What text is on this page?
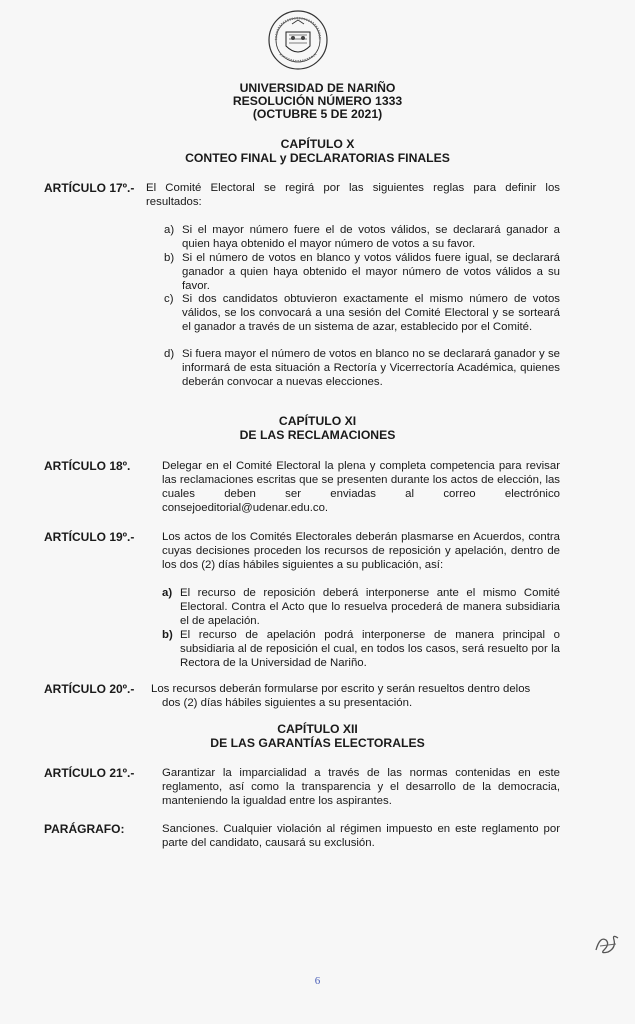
UNIVERSIDAD DE NARIÑO
RESOLUCIÓN NÚMERO 1333
(OCTUBRE 5 DE 2021)
CAPÍTULO X
CONTEO FINAL y DECLARATORIAS FINALES
ARTÍCULO 17º.- El Comité Electoral se regirá por las siguientes reglas para definir los
resultados:
a) Si el mayor número fuere el de votos válidos, se declarará ganador a quien haya obtenido el mayor número de votos a su favor.
b) Si el número de votos en blanco y votos válidos fuere igual, se declarará ganador a quien haya obtenido el mayor número de votos válidos a su favor.
c) Si dos candidatos obtuvieron exactamente el mismo número de votos válidos, se los convocará a una sesión del Comité Electoral y se sorteará el ganador a través de un sistema de azar, establecido por el Comité.
d) Si fuera mayor el número de votos en blanco no se declarará ganador y se informará de esta situación a Rectoría y Vicerrectoría Académica, quienes deberán convocar a nuevas elecciones.
CAPÍTULO XI
DE LAS RECLAMACIONES
ARTÍCULO 18º.	Delegar en el Comité Electoral la plena y completa competencia para revisar las reclamaciones escritas que se presenten durante los actos de elección, las cuales deben ser enviadas al correo electrónico consejoeditorial@udenar.edu.co.
ARTÍCULO 19º.- Los actos de los Comités Electorales deberán plasmarse en Acuerdos, contra cuyas decisiones proceden los recursos de reposición y apelación, dentro de los dos (2) días hábiles siguientes a su publicación, así:
a) El recurso de reposición deberá interponerse ante el mismo Comité Electoral. Contra el Acto que lo resuelva procederá de manera subsidiaria el de apelación.
b) El recurso de apelación podrá interponerse de manera principal o subsidiaria al de reposición el cual, en todos los casos, será resuelto por la Rectora de la Universidad de Nariño.
ARTÍCULO 20º.- Los recursos deberán formularse por escrito y serán resueltos dentro delos
dos (2) días hábiles siguientes a su presentación.
CAPÍTULO XII
DE LAS GARANTÍAS ELECTORALES
ARTÍCULO 21º.- Garantizar la imparcialidad a través de las normas contenidas en este reglamento, así como la transparencia y el desarrollo de la democracia, manteniendo la igualdad entre los aspirantes.
PARÁGRAFO:	Sanciones. Cualquier violación al régimen impuesto en este reglamento por parte del candidato, causará su exclusión.
6
